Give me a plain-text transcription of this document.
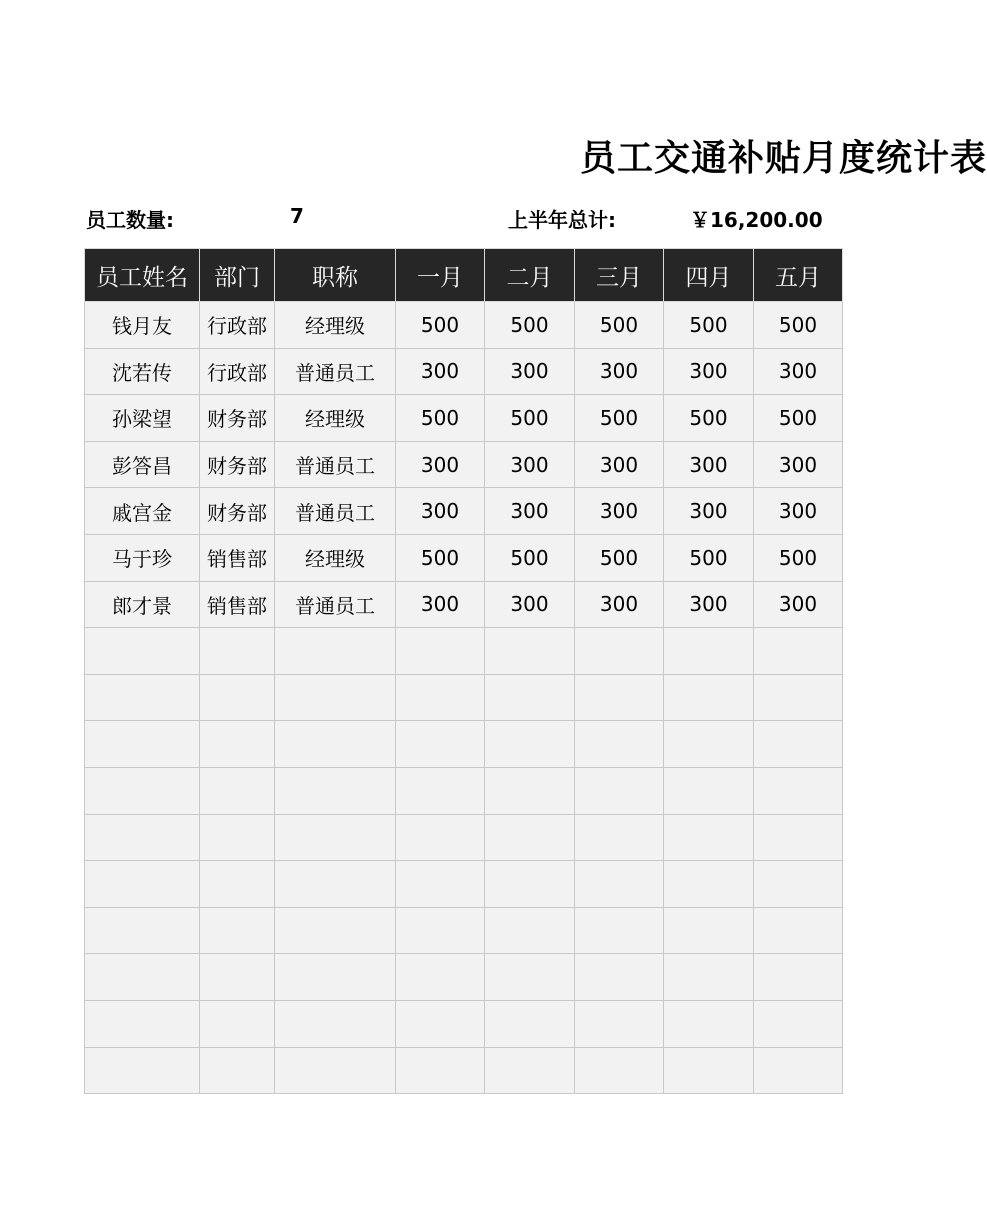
员工交通补贴月度统计表
员工数量:	7	上半年总计:	￥16,200.00
员工姓名	部门	职称	一月	二月	三月	四月	五月
钱月友	行政部	经理级	500	500	500	500	500
沈若传	行政部	普通员工	300	300	300	300	300
孙梁望	财务部	经理级	500	500	500	500	500
彭答昌	财务部	普通员工	300	300	300	300	300
戚宫金	财务部	普通员工	300	300	300	300	300
马于珍	销售部	经理级	500	500	500	500	500
郎才景	销售部	普通员工	300	300	300	300	300
